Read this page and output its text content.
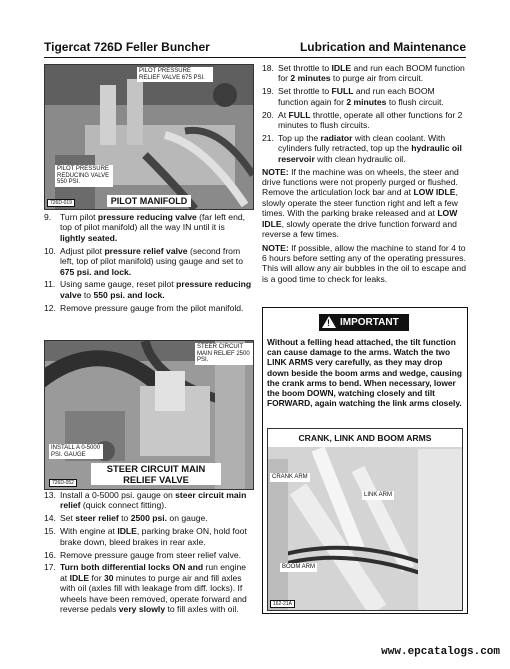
Tigercat 726D Feller Buncher	Lubrication and Maintenance
PILOT PRESSURE RELIEF VALVE 675 PSI.
PILOT PRESSURE REDUCING VALVE 550 PSI.
726D-019	PILOT MANIFOLD
9. Turn pilot pressure reducing valve (far left end, top of pilot manifold) all the way IN until it is lightly seated.
10. Adjust pilot pressure relief valve (second from left, top of pilot manifold) using gauge and set to 675 psi. and lock.
11. Using same gauge, reset pilot pressure reducing valve to 550 psi. and lock.
12. Remove pressure gauge from the pilot manifold.
STEER CIRCUIT MAIN RELIEF 2500 PSI.
INSTALL A 0-5000 PSI. GAUGE
726D-052
STEER CIRCUIT MAIN
RELIEF VALVE
13. Install a 0-5000 psi. gauge on steer circuit main relief (quick connect fitting).
14. Set steer relief to 2500 psi. on gauge.
15. With engine at IDLE, parking brake ON, hold foot brake down, bleed brakes in rear axle.
16. Remove pressure gauge from steer relief valve.
17. Turn both differential locks ON and run engine at IDLE for 30 minutes to purge air and fill axles with oil (axles fill with leakage from diff. locks). If wheels have been removed, operate forward and reverse pedals very slowly to fill axles with oil.
18. Set throttle to IDLE and run each BOOM function for 2 minutes to purge air from circuit.
19. Set throttle to FULL and run each BOOM function again for 2 minutes to flush circuit.
20. At FULL throttle, operate all other functions for 2 minutes to flush circuits.
21. Top up the radiator with clean coolant. With cylinders fully retracted, top up the hydraulic oil reservoir with clean hydraulic oil.
NOTE: If the machine was on wheels, the steer and drive functions were not properly purged or flushed. Remove the articulation lock bar and at LOW IDLE, slowly operate the steer function right and left a few times. With the parking brake released and at LOW IDLE, slowly operate the drive function forward and reverse a few times.
NOTE: If possible, allow the machine to stand for 4 to 6 hours before setting any of the operating pressures. This will allow any air bubbles in the oil to escape and is a good time to check for leaks.
! IMPORTANT
Without a felling head attached, the tilt function can cause damage to the arms. Watch the two LINK ARMS very carefully, as they may drop down beside the boom arms and wedge, causing the crank arms to bend. When necessary, lower the boom DOWN, watching closely and tilt FORWARD, again watching the link arms closely.
CRANK, LINK AND BOOM ARMS
CRANK ARM
LINK ARM
BOOM ARM
162-21A
www.epcatalogs.com
